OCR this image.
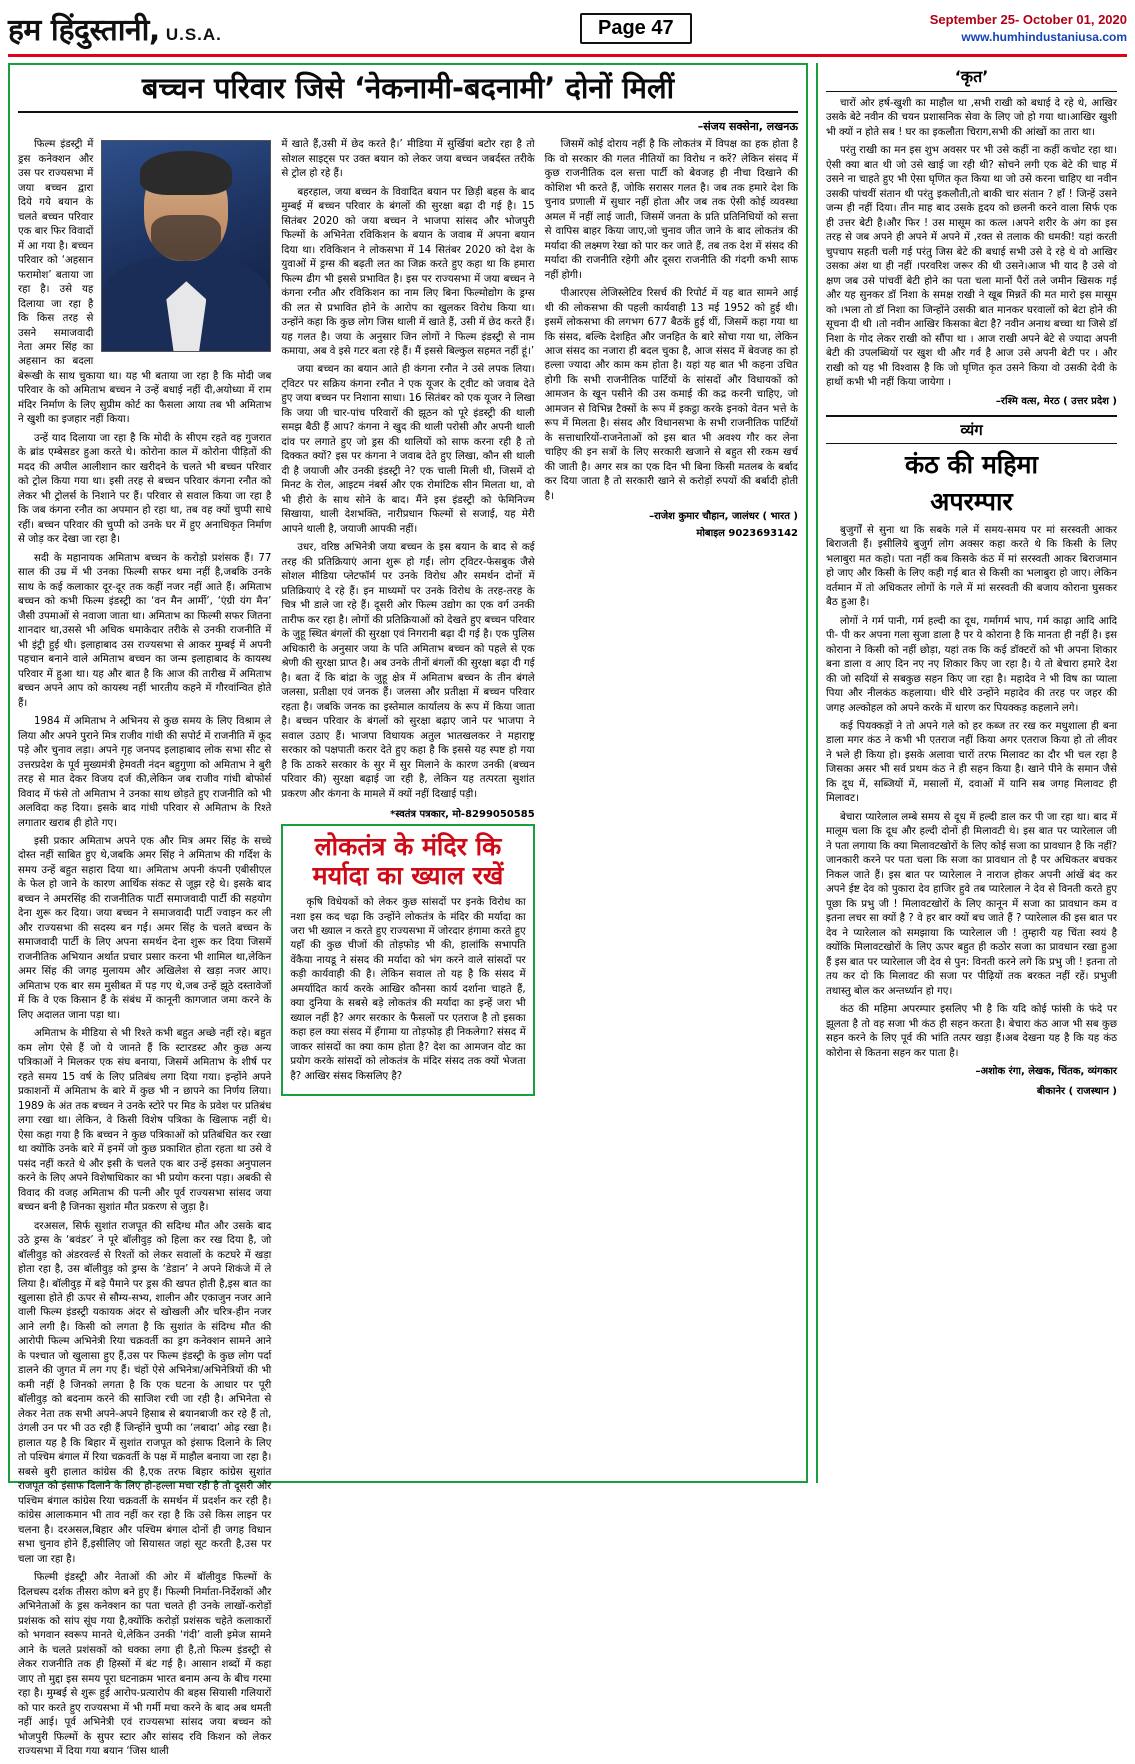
हम हिंदुस्तानी, U.S.A.	Page 47	September 25- October 01, 2020
www.humhindustaniusa.com
बच्चन परिवार जिसे ‘नेकनामी-बदनामी’ दोनों मिलीं
–संजय सक्सेना, लखनऊ

फिल्म इंडस्ट्री में ड्रस कनेक्शन और उस पर राज्यसभा में जया बच्चन द्वारा दिये गये बयान के चलते बच्चन परिवार एक बार फिर विवादों में आ गया है। बच्चन परिवार को ‘अहसान फरामोश’ बताया जा रहा है। उसे यह दिलाया जा रहा है कि किस तरह से उसने समाजवादी नेता अमर सिंह का अहसान का बदला बेरूखी के साथ चुकाया था। यह भी बताया जा रहा है कि मोदी जब परिवार के को अमिताभ बच्चन ने उन्हें बधाई नहीं दी,अयोध्या में राम मंदिर निर्माण के लिए सुप्रीम कोर्ट का फैसला आया तब भी अमिताभ ने खुशी का इजहार नहीं किया।

उन्हें याद दिलाया जा रहा है कि मोदी के सीएम रहते वह गुजरात के ब्रांड एम्बेसडर हुआ करते थे। कोरोना काल में कोरोना पीड़ितों की मदद की अपील आलीशान कार खरीदने के चलते भी बच्चन परिवार को ट्रोल किया गया था। इसी तरह से बच्चन परिवार कंगना रनौत को लेकर भी ट्रोलर्स के निशाने पर हैं। परिवार से सवाल किया जा रहा है कि जब कंगना रनौत का अपमान हो रहा था, तब वह क्यों चुप्पी साधे रहीं। बच्चन परिवार की चुप्पी को उनके घर में हुए अनाधिकृत निर्माण से जोड़ कर देखा जा रहा है।

सदी के महानायक अमिताभ बच्चन के करोड़ो प्रशंसक हैं। 77 साल की उम्र में भी उनका फिल्मी सफर थमा नहीं है,जबकि उनके साथ के कई कलाकार दूर-दूर तक कहीं नजर नहीं आते हैं। अमिताभ बच्चन को कभी फिल्म इंडस्ट्री का ‘वन मैन आर्मी’, ‘एंग्री यंग मैन’ जैसी उपमाओं से नवाजा जाता था। अमिताभ का फिल्मी सफर जितना शानदार था,उससे भी अधिक धमाकेदार तरीके से उनकी राजनीति में भी इंट्री हुई थी। इलाहाबाद उस राज्यसभा से आकर मुम्बई में अपनी पहचान बनाने वाले अमिताभ बच्चन का जन्म इलाहाबाद के कायस्थ परिवार में हुआ था। यह और बात है कि आज की तारीख में अमिताभ बच्चन अपने आप को कायस्थ नहीं भारतीय कहने में गौरवांन्वित होते हैं।

1984 में अमिताभ ने अभिनय से कुछ समय के लिए विश्राम ले लिया और अपने पुराने मित्र राजीव गांधी की सपोर्ट में राजनीति में कूद पड़े और चुनाव लड़ा। अपने गृह जनपद इलाहाबाद लोक सभा सीट से उत्तरप्रदेश के पूर्व मुख्यमंत्री हेमवती नंदन बहुगुणा को अमिताभ ने बुरी तरह से मात देकर विजय दर्ज की,लेकिन जब राजीव गांधी बोफोर्स विवाद में फंसे तो अमिताभ ने उनका साथ छोड़ते हुए राजनीति को भी अलविदा कह दिया। इसके बाद गांधी परिवार से अमिताभ के रिश्ते लगातार खराब ही होते गए।

इसी प्रकार अमिताभ अपने एक और मित्र अमर सिंह के सच्चे दोस्त नहीं साबित हुए थे,जबकि अमर सिंह ने अमिताभ की गर्दिश के समय उन्हें बहुत सहारा दिया था। अमिताभ अपनी कंपनी एबीसीएल के फेल हो जाने के कारण आर्थिक संकट से जूझ रहे थे। इसके बाद बच्चन ने अमरसिंह की राजनीतिक पार्टी समाजवादी पार्टी की सहयोग देना शुरू कर दिया। जया बच्चन ने समाजवादी पार्टी ज्वाइन कर ली और राज्यसभा की सदस्य बन गईं। अमर सिंह के चलते बच्चन के समाजवादी पार्टी के लिए अपना समर्थन देना शुरू कर दिया जिसमें राजनीतिक अभियान अर्थात प्रचार प्रसार करना भी शामिल था,लेकिन अमर सिंह की जगह मुलायम और अखिलेश से खड़ा नजर आए। अमिताभ एक बार सम मुसीबत में पड़ गए थे,जब उन्हें झूठे दस्तावेजों में कि वे एक किसान हैं के संबंध में कानूनी कागजात जमा करने के लिए अदालत जाना पड़ा था।

अमिताभ के मीडिया से भी रिश्ते कभी बहुत अच्छे नहीं रहे। बहुत कम लोग ऐसे हैं जो ये जानते हैं कि स्टारडस्ट और कुछ अन्य पत्रिकाओं ने मिलकर एक संघ बनाया, जिसमें अमिताभ के शीर्ष पर रहते समय 15 वर्ष के लिए प्रतिबंध लगा दिया गया। इन्होंने अपने प्रकाशनों में अमिताभ के बारे में कुछ भी न छापने का निर्णय लिया। 1989 के अंत तक बच्चन ने उनके स्टोरे पर मिड के प्रवेश पर प्रतिबंध लगा रखा था। लेकिन, वे किसी विशेष पत्रिका के खिलाफ नहीं थे। ऐसा कहा गया है कि बच्चन ने कुछ पत्रिकाओं को प्रतिबंधित कर रखा था क्योंकि उनके बारे में इनमें जो कुछ प्रकाशित होता रहता था उसे वे पसंद नहीं करते थे और इसी के चलते एक बार उन्हें इसका अनुपालन करने के लिए अपने विशेषाधिकार का भी प्रयोग करना पड़ा। अबकी से विवाद की वजह अमिताभ की पत्नी और पूर्व राज्यसभा सांसद जया बच्चन बनी है जिनका सुशांत मौत प्रकरण से जुड़ा है।

दरअसल, सिर्फ सुशांत राजपूत की सदिग्ध मौत और उसके बाद उठे ड्रग्स के ‘बवंडर’ ने पूरे बॉलीवुड़ को हिला कर रख दिया है, जो बॉलीवुड़ को अंडरवर्ल्ड से रिश्तों को लेकर सवालों के कटघरे में खड़ा होता रहा है, उस बॉलीवुड़ को ड्रग्स के ‘डेडान’ ने अपने शिकंजे में ले लिया है। बॉलीवुड़ में बड़े पैमाने पर ड्रस की खपत होती है,इस बात का खुलासा होते ही ऊपर से सौम्य-सभ्य, शालीन और एकाजुन नजर आने वाली फिल्म इंडस्ट्री यकायक अंदर से खोखली और चरित्र-हीन नजर आने लगी है। किसी को लगता है कि सुशांत के संदिग्ध मौत की आरोपी फिल्म अभिनेत्री रिया चक्रवर्ती का ड्रग कनेक्शन सामने आने के पश्चात जो खुलासा हुए हैं,उस पर फिल्म इंडस्ट्री के कुछ लोग पर्दा डालने की जुगत में लग गए हैं। चंहों ऐसे अभिनेत्रा/अभिनेत्रियों की भी कमी नहीं है जिनको लगता है कि एक घटना के आधार पर पूरी बॉलीवुड़ को बदनाम करने की साजिश रची जा रही है। अभिनेता से लेकर नेता तक सभी अपने-अपने हिसाब से बयानबाजी कर रहे हैं तो, उंगली उन पर भी उठ रही हैं जिन्होंने चुप्पी का ‘लबादा’ ओढ़ रखा है। हालात यह है कि बिहार में सुशांत राजपूत को इंसाफ दिलाने के लिए तो पश्चिम बंगाल में रिया चक्रवर्ती के पक्ष में माहौल बनाया जा रहा है। सबसे बुरी हालात कांग्रेस की है,एक तरफ बिहार कांग्रेस सुशांत राजपूत को इंसाफ दिलाने के लिए हो-हल्ला मचा रही है तो दूसरी ओर पश्चिम बंगाल कांग्रेस रिया चक्रवर्ती के समर्थन में प्रदर्शन कर रही है। कांग्रेस आलाकमान भी ताव नहीं कर रहा है कि उसे किस लाइन पर चलना है। दरअसल,बिहार और पश्चिम बंगाल दोनों ही जगह विधान सभा चुनाव होने हैं,इसीलिए जो सियासत जहां सूट करती है,उस पर चला जा रहा है।

फिल्मी इंडस्ट्री और नेताओं की ओर में बॉलीवुड फिल्मों के दिलचस्प दर्शक तीसरा कोण बने हुए हैं। फिल्मी निर्माता-निर्देशकों और अभिनेताओं के ड्रस कनेक्शन का पता चलते ही उनके लाखों-करोड़ों प्रशंसक को सांप सूंघ गया है,क्योंकि करोड़ों प्रशंसक चहेते कलाकारों को भगवान स्वरूप मानते थे,लेकिन उनकी ‘गंदी’ वाली इमेज सामने आने के चलते प्रशंसकों को धक्का लगा ही है,तो फिल्म इंडस्ट्री से लेकर राजनीति तक ही हिस्सों में बंट गई है। आसान शब्दों में कहा जाए तो मुद्दा इस समय पूरा घटनाक्रम भारत बनाम अन्य के बीच गरमा रहा है। मुम्बई से शुरू हुई आरोप-प्रत्यारोप की बहस सियासी गलियारों को पार करते हुए राज्यसभा में भी गर्मी मचा करने के बाद अब थमती नहीं आई। पूर्व अभिनेत्री एवं राज्यसभा सांसद जया बच्चन को भोजपुरी फिल्मों के सुपर स्टार और सांसद रवि किशन को लेकर राज्यसभा में दिया गया बयान ‘जिस थाली

में खाते हैं,उसी में छेद करते है।’ मीडिया में सुर्खियां बटोर रहा है तो सोशल साइट्स पर उक्त बयान को लेकर जया बच्चन जबर्दस्त तरीके से ट्रोल हो रहे हैं।

बहरहाल, जया बच्चन के विवादित बयान पर छिड़ी बहस के बाद मुम्बई में बच्चन परिवार के बंगलों की सुरक्षा बढ़ा दी गई है। 15 सितंबर 2020 को जया बच्चन ने भाजपा सांसद और भोजपुरी फिल्मों के अभिनेता रविकिशन के बयान के जवाब में अपना बयान दिया था। रविकिशन ने लोकसभा में 14 सितंबर 2020 को देश के युवाओं में ड्रग्स की बढ़ती लत का जिक्र करते हुए कहा था कि हमारा फिल्म ढीग भी इससे प्रभावित है। इस पर राज्यसभा में जया बच्चन ने कंगना रनौत और रविकिशन का नाम लिए बिना फिल्मोद्योग के ड्रग्स की लत से प्रभावित होने के आरोप का खुलकर विरोध किया था। उन्होंने कहा कि कुछ लोग जिस थाली में खाते हैं, उसी में छेद करते हैं। यह गलत है। जया के अनुसार जिन लोगों ने फिल्म इंडस्ट्री से नाम कमाया, अब वे इसे गटर बता रहे हैं। मैं इससे बिल्कुल सहमत नहीं हूं।’

जया बच्चन का बयान आते ही कंगना रनौत ने उसे लपक लिया। ट्विटर पर सक्रिय कंगना रनौत ने एक यूजर के ट्वीट को जवाब देते हुए जया बच्चन पर निशाना साधा। 16 सितंबर को एक यूजर ने लिखा कि जया जी चार-पांच परिवारों की झूठन को पूरे इंडस्ट्री की थाली समझ बैठी हैं आप? कंगना ने खुद की थाली परोसी और अपनी थाली दांव पर लगाते हुए जो ड्रस की थालियों को साफ करना रही है तो दिक्कत क्यों? इस पर कंगना ने जवाब देते हुए लिखा, कौन सी थाली दी है जयाजी और उनकी इंडस्ट्री ने? एक चाली मिली थी, जिसमें दो मिनट के रोल, आइटम नंबर्स और एक रोमांटिक सीन मिलता था, वो भी हीरो के साथ सोने के बाद। मैंने इस इंडस्ट्री को फेमिनिज्म सिखाया, थाली देशभक्ति, नारीप्रधान फिल्मों से सजाई, यह मेरी आपने थाली है, जयाजी आपकी नहीं।

उधर, वरिष्ठ अभिनेत्री जया बच्चन के इस बयान के बाद से कई तरह की प्रतिक्रियाएं आना शुरू हो गईं। लोग ट्विटर-फेसबुक जैसे सोशल मीडिया प्लेटफॉर्म पर उनके विरोध और समर्थन दोनों में प्रतिक्रियाएं दे रहे हैं। इन माध्यमों पर उनके विरोध के तरह-तरह के चित्र भी डाले जा रहे हैं। दूसरी ओर फिल्म उद्योग का एक वर्ग उनकी तारीफ कर रहा है। लोगों की प्रतिक्रियाओं को देखते हुए बच्चन परिवार के जुहू स्थित बंगलों की सुरक्षा एवं निगरानी बढ़ा दी गई है। एक पुलिस अधिकारी के अनुसार जया के पति अमिताभ बच्चन को पहले से एक श्रेणी की सुरक्षा प्राप्त है। अब उनके तीनों बंगलों की सुरक्षा बढ़ा दी गई है। बता दें कि बांद्रा के जुहू क्षेत्र में अमिताभ बच्चन के तीन बंगले जलसा, प्रतीक्षा एवं जनक हैं। जलसा और प्रतीक्षा में बच्चन परिवार रहता है। जबकि जनक का इस्तेमाल कार्यालय के रूप में किया जाता है। बच्चन परिवार के बंगलों को सुरक्षा बढ़ाए जाने पर भाजपा ने सवाल उठाए हैं। भाजपा विधायक अतुल भातखलकर ने महाराष्ट्र सरकार को पक्षपाती करार देते हुए कहा है कि इससे यह स्पष्ट हो गया है कि ठाकरे सरकार के सुर में सुर मिलाने के कारण उनकी (बच्चन परिवार की) सुरक्षा बढ़ाई जा रही है, लेकिन यह तत्परता सुशांत प्रकरण और कंगना के मामले में क्यों नहीं दिखाई पड़ी।

*स्वतंत्र पत्रकार, मो-8299050585

लोकतंत्र के मंदिर कि मर्यादा का ख्याल रखें

कृषि विधेयकों को लेकर कुछ सांसदों पर इनके विरोध का नशा इस कद चढ़ा कि उन्होंने लोकतंत्र के मंदिर की मर्यादा का जरा भी ख्याल न करते हुए राज्यसभा में जोरदार हंगामा करते हुए यहाँ की कुछ चीजों की तोड़फोड़ भी की, हालांकि सभापति वेंकैया नायडू ने संसद की मर्यादा को भंग करने वाले सांसदों पर कड़ी कार्यवाही की है। लेकिन सवाल तो यह है कि संसद में अमर्यादित कार्य करके आखिर कौनसा कार्य दर्शाना चाहते हैं, क्या दुनिया के सबसे बड़े लोकतंत्र की मर्यादा का इन्हें जरा भी ख्याल नहीं है? अगर सरकार के फैसलों पर एतराज है तो इसका कहा हल क्या संसद में हँगामा या तोड़फोड़ ही निकलेगा? संसद में जाकर सांसदों का क्या काम होता है? देश का आमजन वोट का प्रयोग करके सांसदों को लोकतंत्र के मंदिर संसद तक क्यों भेजता है? आखिर संसद किसलिए है?

जिसमें कोई दोराय नहीं है कि लोकतंत्र में विपक्ष का हक होता है कि वो सरकार की गलत नीतियों का विरोध न करें? लेकिन संसद में कुछ राजनीतिक दल सत्ता पार्टी को बेवजह ही नीचा दिखाने की कोशिश भी करते हैं, जोकि सरासर गलत है। जब तक हमारे देश कि चुनाव प्रणाली में सुधार नहीं होता और जब तक ऐसी कोई व्यवस्था अमल में नहीं लाई जाती, जिसमें जनता के प्रति प्रतिनिधियों को सत्ता से वापिस बाहर किया जाए,जो चुनाव जीत जाने के बाद लोकतंत्र की मर्यादा की लक्ष्मण रेखा को पार कर जाते हैं, तब तक देश में संसद की मर्यादा की राजनीति रहेगी और दूसरा राजनीति की गंदगी कभी साफ नहीं होगी।

पीआरएस लेजिस्लेटिव रिसर्च की रिपोर्ट में यह बात सामने आई थी की लोकसभा की पहली कार्यवाही 13 मई 1952 को हुई थी। इसमें लोकसभा की लगभग 677 बैठकें हुई थीं, जिसमें कहा गया था कि संसद, बल्कि देशहित और जनहित के बारे सोचा गया था, लेकिन आज संसद का नजारा ही बदल चुका है, आज संसद में बेवजह का हो हल्ला ज्यादा और काम कम होता है। यहां यह बात भी कहना उचित होगी कि सभी राजनीतिक पार्टियों के सांसदों और विधायकों को आमजन के खून पसीने की उस कमाई की कद्र करनी चाहिए, जो आमजन से विभिन्न टैक्सों के रूप में इकट्ठा करके इनको वेतन भत्ते के रूप में मिलता है। संसद और विधानसभा के सभी राजनीतिक पार्टियों के सत्ताधारियों-राजनेताओं को इस बात भी अवश्य गौर कर लेना चाहिए की इन सत्रों के लिए सरकारी खजाने से बहुत सी रकम खर्च की जाती है। अगर सत्र का एक दिन भी बिना किसी मतलब के बर्बाद कर दिया जाता है तो सरकारी खाने से करोड़ों रुपयों की बर्बादी होती है।

–राजेश कुमार चौहान, जालंधर ( भारत )

मोबाइल 9023693142

‘कृत’

चारों ओर हर्ष-खुशी का माहौल था ,सभी राखी को बधाई दे रहे थे, आखिर उसके बेटे नवीन की चयन प्रशासनिक सेवा के लिए जो हो गया था।आखिर खुशी भी क्यों न होते सब ! घर का इकलौता चिराग,सभी की आंखों का तारा था।

परंतु राखी का मन इस शुभ अवसर पर भी उसे कहीं ना कहीं कचोट रहा था। ऐसी क्या बात थी जो उसे खाई जा रही थी? सोचने लगी एक बेटे की चाह में उसने ना चाहते हुए भी ऐसा घृणित कृत किया था जो उसे करना चाहिए था नवीन उसकी पांचवीं संतान थी परंतु इकलौती,तो बाकी चार संतान ? हाँ ! जिन्हें उसने जन्म ही नहीं दिया। तीन माह बाद उसके हृदय को छलनी करने वाला सिर्फ एक ही उत्तर बेटी है।और फिर ! उस मासूम का कत्ल ।अपने शरीर के अंग का इस तरह से जब अपने ही अपने में अपने में ,रक्त से तलाक की धमकी! यहां करती चुपचाप सहती चली गई परंतु जिस बेटे की बधाई सभी उसे दे रहे थे वो आखिर उसका अंश था ही नहीं ।परवरिश जरूर की थी उसने।आज भी याद है उसे वो क्षण जब उसे पांचवीं बेटी होने का पता चला मानों पैरों तले जमीन खिसक गई और यह सुनकर डॉ निशा के समक्ष राखी ने खूब मिन्नतें की मत मारो इस मासूम को ।भला तो डॉ निशा का जिन्होंने उसकी बात मानकर घरवालों को बेटा होने की सूचना दी थी ।तो नवीन आखिर किसका बेटा है? नवीन अनाथ बच्चा था जिसे डॉ निशा के गोद लेकर राखी को सौंपा था । आज राखी अपने बेटे से ज्यादा अपनी बेटी की उपलब्धियों पर खुश थी और गर्व है आज उसे अपनी बेटी पर । और राखी को यह भी विश्वास है कि जो घृणित कृत उसने किया वो उसकी देवी के हाथों कभी भी नहीं किया जायेगा ।

–रश्मि वत्स, मेरठ ( उत्तर प्रदेश )
व्यंग
कंठ की महिमा
अपरम्पार

बुजुर्गों से सुना था कि सबके गले में समय-समय पर मां सरस्वती आकर बिराजती हैं। इसीलिये बुजुर्ग लोग अक्सर कहा करते थे कि किसी के लिए भलाबुरा मत कहो। पता नहीं कब किसके कंठ में मां सरस्वती आकर बिराजमान हो जाए और किसी के लिए कही गई बात से किसी का भलाबुरा हो जाए। लेकिन वर्तमान में तो अधिकतर लोगों के गले में मां सरस्वती की बजाय कोराना घुसकर बैठ हुआ है।

लोगों ने गर्म पानी, गर्म हल्दी का दूध, गर्मागर्म भाप, गर्म काढ़ा आदि आदि पी- पी कर अपना गला सुजा डाला है पर ये कोराना है कि मानता ही नहीं है। इस कोराना ने किसी को नहीं छोड़ा, यहां तक कि कई डॉक्टरों को भी अपना शिकार बना डाला व आए दिन नए नए शिकार किए जा रहा है। ये तो बेचारा हमारे देश की जो सदियों से सबकुछ सहन किए जा रहा है। महादेव ने भी विष का प्याला पिया और नीलकंठ कहलाया। धीरे धीरे उन्होंने महादेव की तरह पर जहर की जगह अल्कोहल को अपने करके में धारण कर पियक्कड़ कहलाने लगे।

कई पियक्कड़ों ने तो अपने गले को हर कब्ज तर रख कर मधुशाला ही बना डाला मगर कंठ ने कभी भी एतराज नहीं किया अगर एतराज किया हो तो लीवर ने भले ही किया हो। इसके अलावा चारों तरफ मिलावट का दौर भी चल रहा है जिसका असर भी सर्व प्रथम कंठ ने ही सहन किया है। खाने पीने के समान जैसे कि दूध में, सब्जियों में, मसालों में, दवाओं में यानि सब जगह मिलावट ही मिलावट।

बेचारा प्यारेलाल लम्बे समय से दूध में हल्दी डाल कर पी जा रहा था। बाद में मालूम चला कि दूध और हल्दी दोनों ही मिलावटी थे। इस बात पर प्यारेलाल जी ने पता लगाया कि क्या मिलावटखोरों के लिए कोई सजा का प्रावधान है कि नहीं? जानकारी करने पर पता चला कि सजा का प्रावधान तो है पर अधिकतर बचकर निकल जाते हैं। इस बात पर प्यारेलाल ने नाराज होकर अपनी आंखें बंद कर अपने ईष्ट देव को पुकारा देव हाजिर हुवे तब प्यारेलाल ने देव से विनती करते हुए पूछा कि प्रभु जी ! मिलावटखोरों के लिए कानून में सजा का प्रावधान कम व इतना लचर सा क्यों है ? वे हर बार क्यों बच जाते हैं ? प्यारेलाल की इस बात पर देव ने प्यारेलाल को समझाया कि प्यारेलाल जी ! तुम्हारी यह चिंता स्वयं है क्योंकि मिलावटखोरों के लिए ऊपर बहुत ही कठोर सजा का प्रावधान रखा हुआ हैं इस बात पर प्यारेलाल जी देव से पुन: विनती करने लगे कि प्रभु जी ! इतना तो तय कर दो कि मिलावट की सजा पर पीढ़ियों तक बरकत नहीं रहें। प्रभुजी तथास्तु बोल कर अन्तर्ध्यान हो गए।

कंठ की महिमा अपरम्पार इसलिए भी है कि यदि कोई फांसी के फंदे पर झूलता है तो वह सजा भी कंठ ही सहन करता है। बेचारा कंठ आज भी सब कुछ सहन करने के लिए पूर्व की भांति तत्पर खड़ा हैं।अब देखना यह है कि यह कंठ कोरोना से कितना सहन कर पाता है।

–अशोक रंगा, लेखक, चिंतक, व्यंगकार
बीकानेर ( राजस्थान )
